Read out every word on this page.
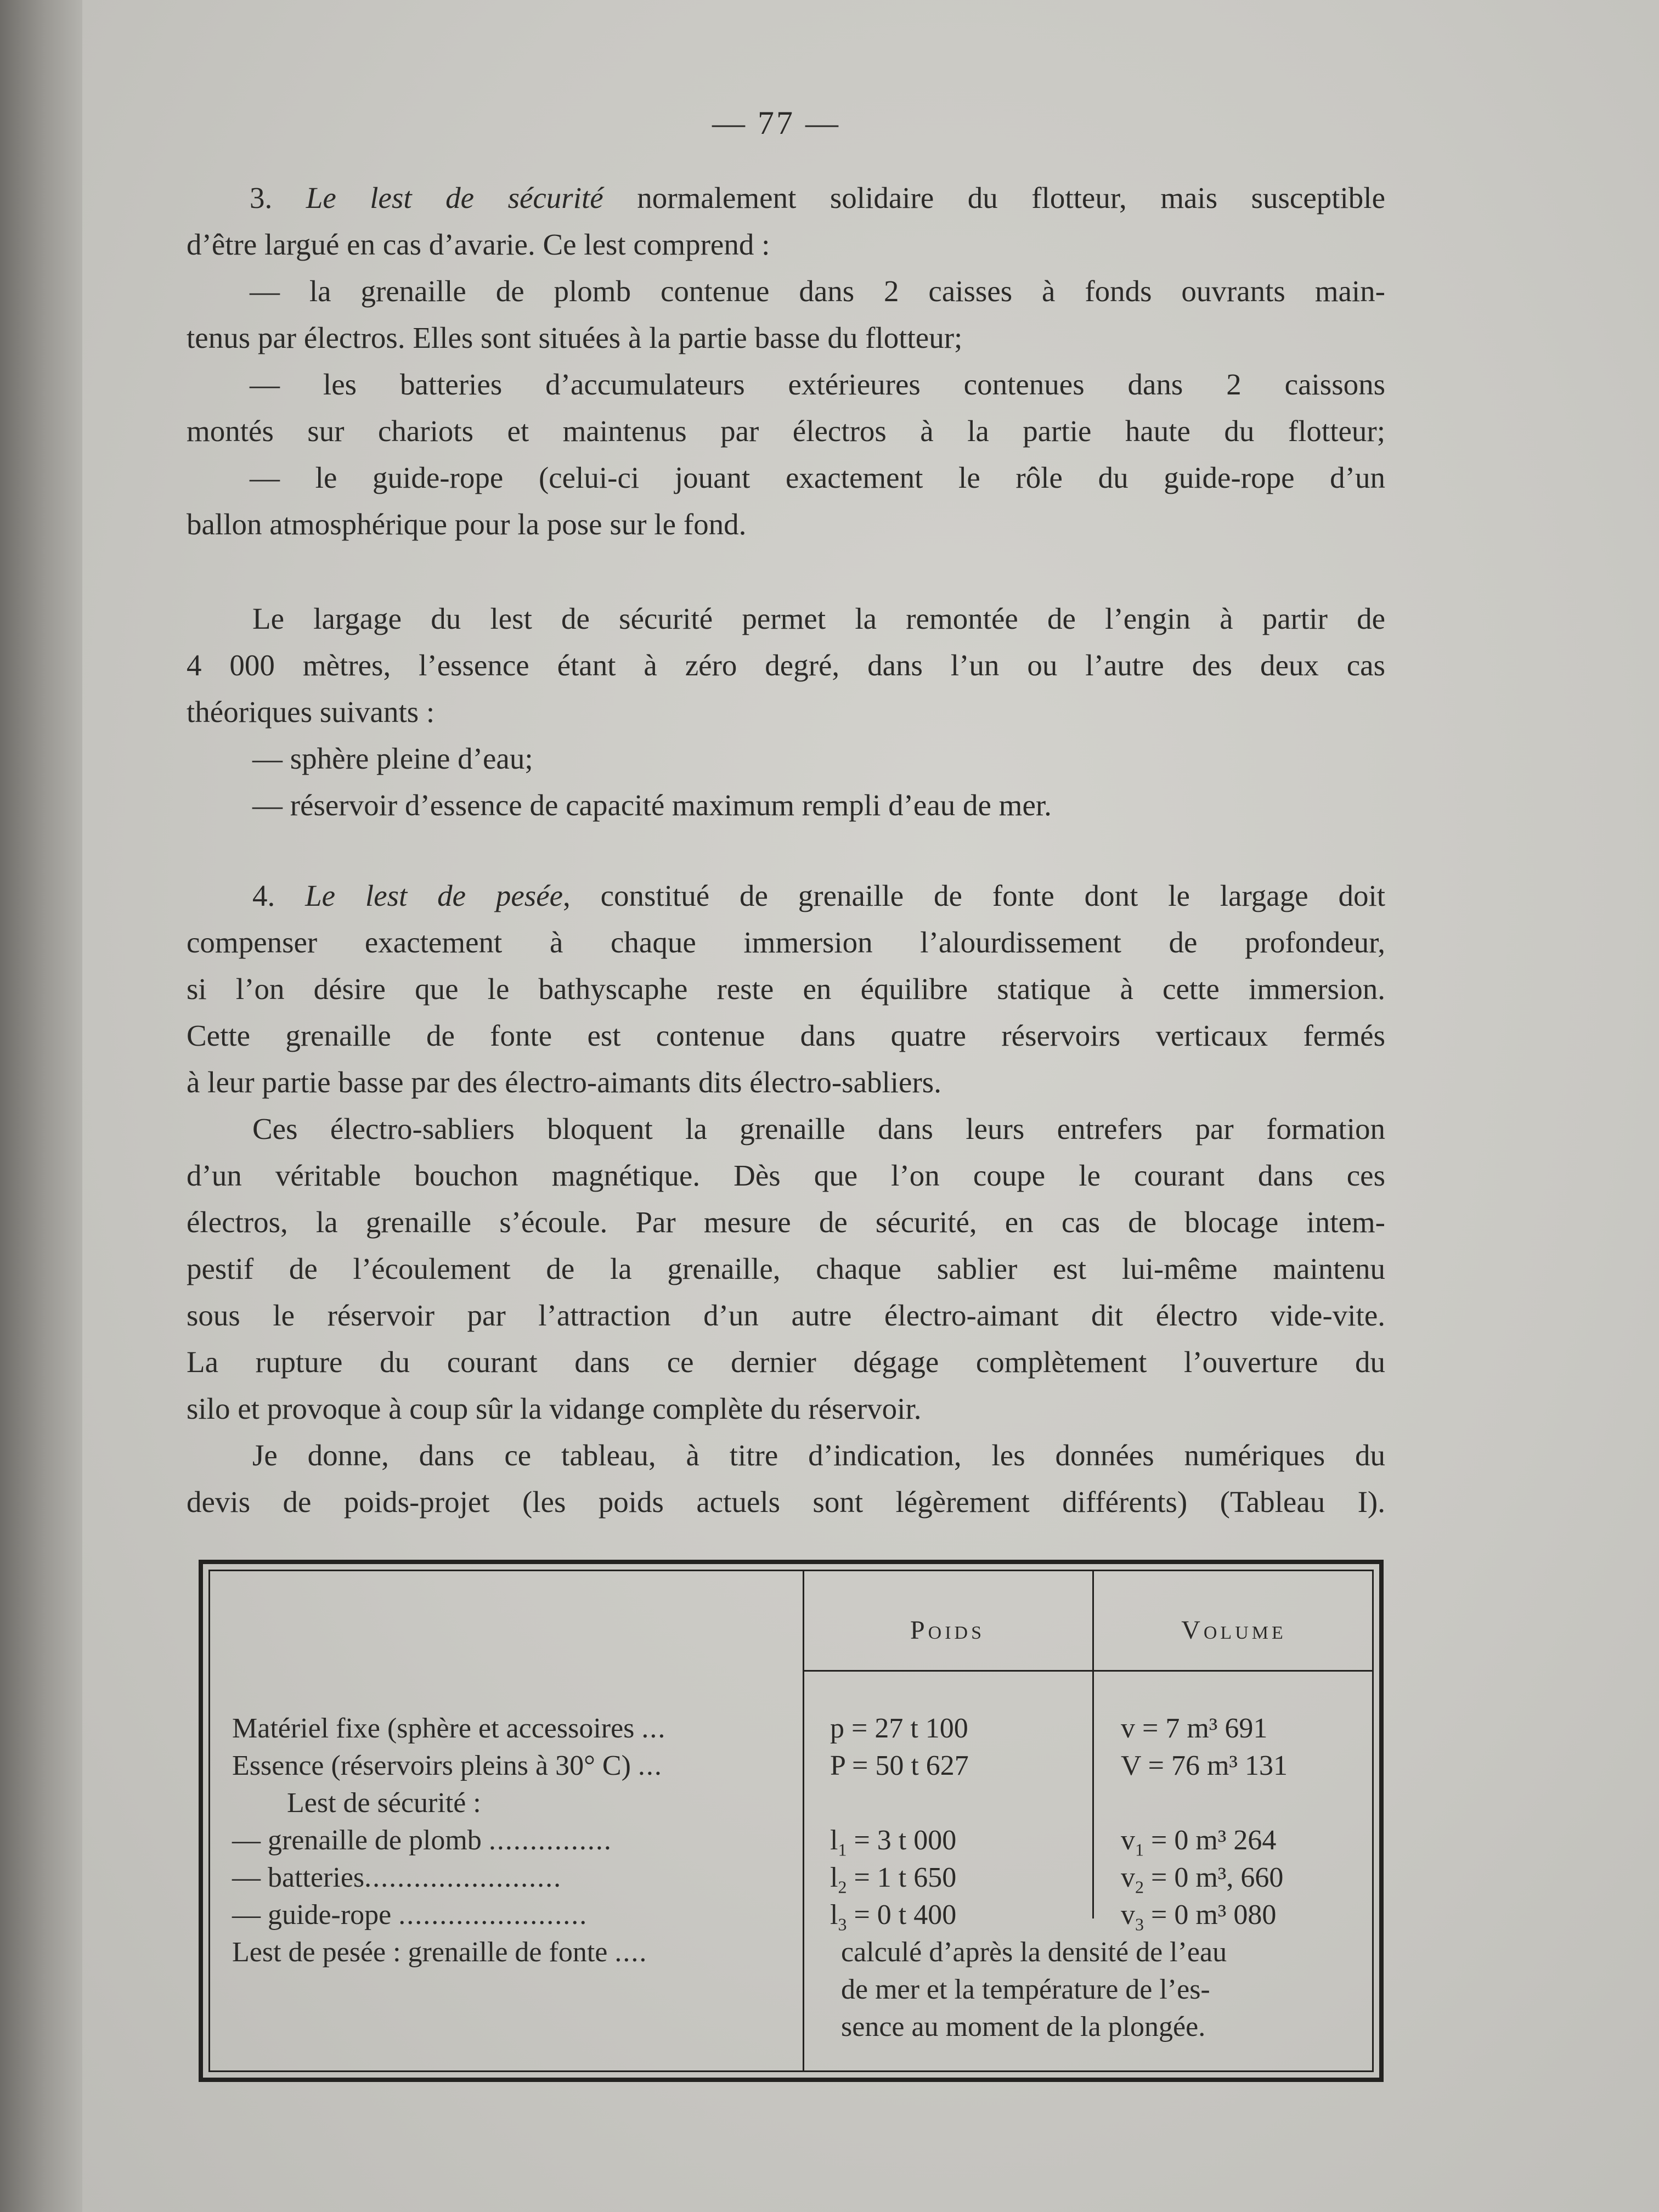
— 77 —
3. Le lest de sécurité normalement solidaire du flotteur, mais susceptible
d’être largué en cas d’avarie. Ce lest comprend :
— la grenaille de plomb contenue dans 2 caisses à fonds ouvrants main-
tenus par électros. Elles sont situées à la partie basse du flotteur;
— les batteries d’accumulateurs extérieures contenues dans 2 caissons
montés sur chariots et maintenus par électros à la partie haute du flotteur;
— le guide-rope (celui-ci jouant exactement le rôle du guide-rope d’un
ballon atmosphérique pour la pose sur le fond.
Le largage du lest de sécurité permet la remontée de l’engin à partir de
4 000 mètres, l’essence étant à zéro degré, dans l’un ou l’autre des deux cas
théoriques suivants :
— sphère pleine d’eau;
— réservoir d’essence de capacité maximum rempli d’eau de mer.
4. Le lest de pesée, constitué de grenaille de fonte dont le largage doit
compenser exactement à chaque immersion l’alourdissement de profondeur,
si l’on désire que le bathyscaphe reste en équilibre statique à cette immersion.
Cette grenaille de fonte est contenue dans quatre réservoirs verticaux fermés
à leur partie basse par des électro-aimants dits électro-sabliers.
Ces électro-sabliers bloquent la grenaille dans leurs entrefers par formation
d’un véritable bouchon magnétique. Dès que l’on coupe le courant dans ces
électros, la grenaille s’écoule. Par mesure de sécurité, en cas de blocage intem-
pestif de l’écoulement de la grenaille, chaque sablier est lui-même maintenu
sous le réservoir par l’attraction d’un autre électro-aimant dit électro vide-vite.
La rupture du courant dans ce dernier dégage complètement l’ouverture du
silo et provoque à coup sûr la vidange complète du réservoir.
Je donne, dans ce tableau, à titre d’indication, les données numériques du
devis de poids-projet (les poids actuels sont légèrement différents) (Tableau I).
Poids	Volume
Matériel fixe (sphère et accessoires ...
Essence (réservoirs pleins à 30° C) ...
Lest de sécurité :
— grenaille de plomb ...............
— batteries........................
— guide-rope .......................
Lest de pesée : grenaille de fonte ....
p = 27 t 100
P = 50 t 627
$l_1 = 3$ t 000
$l_2 = 1$ t 650
$l_3 = 0$ t 400
v = 7 m³ 691
V = 76 m³ 131
$v_1 = 0$ m³ 264
$v_2 = 0$ m³, 660
$v_3 = 0$ m³ 080
calculé d’après la densité de l’eau
de mer et la température de l’es-
sence au moment de la plongée.
